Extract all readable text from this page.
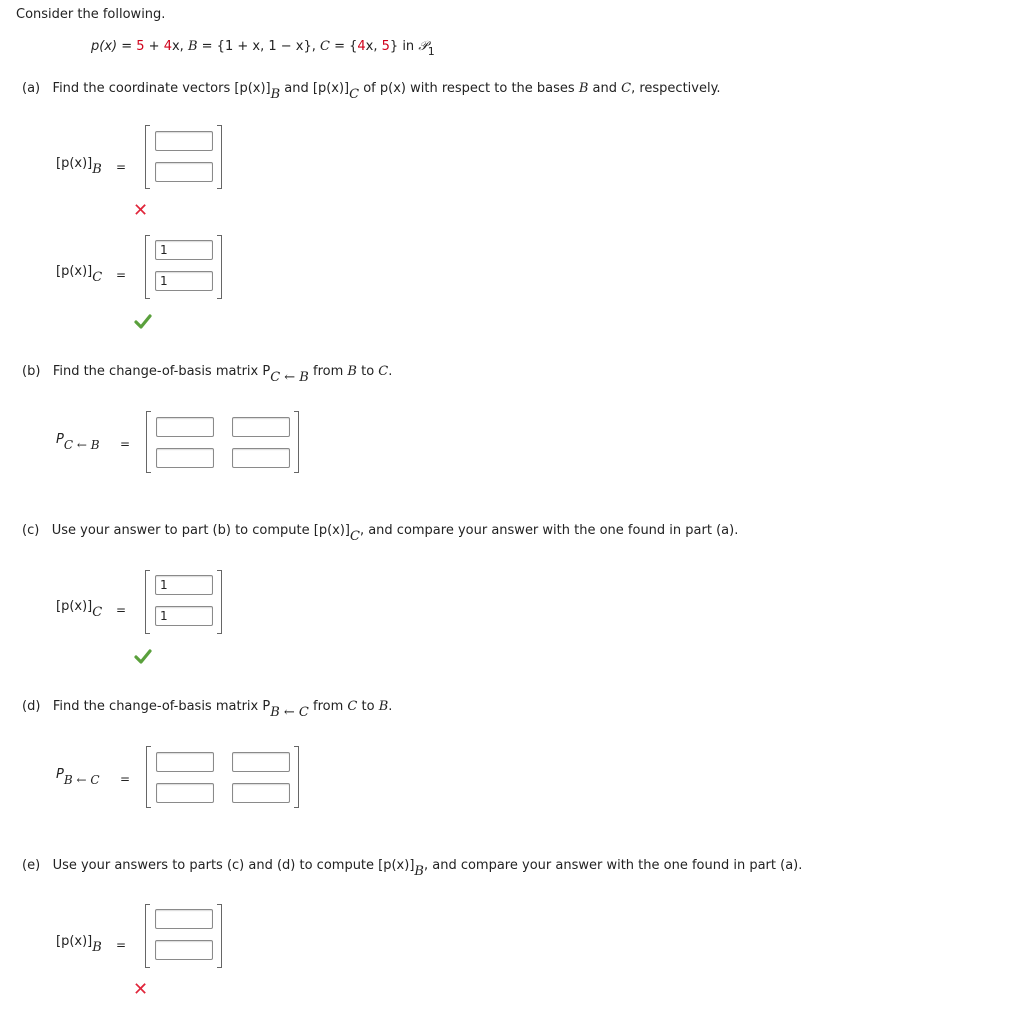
Consider the following.
p(x) = 5 + 4x, B = {1 + x, 1 − x}, C = {4x, 5} in 𝒫$_1$
(a) Find the coordinate vectors [p(x)]B and [p(x)]C of p(x) with respect to the bases B and C, respectively.
[p(x)]B =
✕
[p(x)]C =
1
1
(b) Find the change-of-basis matrix PC ← B from B to C.
PC ← B =
(c) Use your answer to part (b) to compute [p(x)]C, and compare your answer with the one found in part (a).
[p(x)]C =
1
1
(d) Find the change-of-basis matrix PB ← C from C to B.
PB ← C =
(e) Use your answers to parts (c) and (d) to compute [p(x)]B, and compare your answer with the one found in part (a).
[p(x)]B =
✕
